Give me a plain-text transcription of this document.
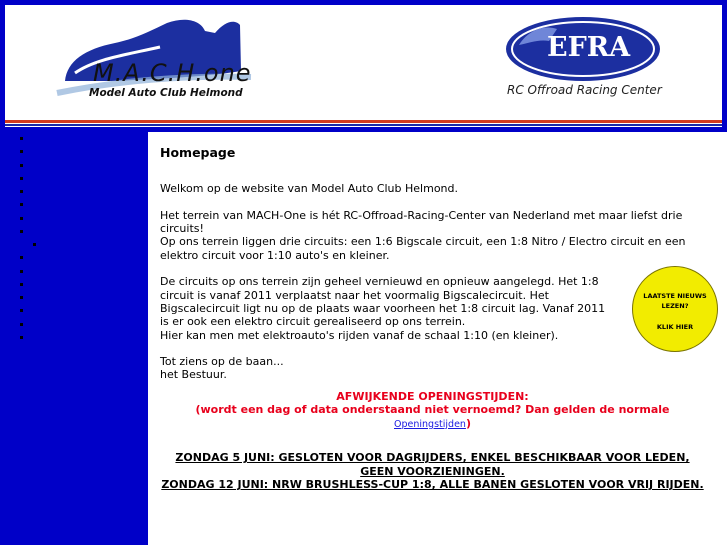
M.A.C.H.one
Model Auto Club Helmond
EFRA
RC Offroad Racing Center
Homepage

Welkom op de website van Model Auto Club Helmond.

Het terrein van MACH-One is hét RC-Offroad-Racing-Center van Nederland met maar liefst drie circuits!

Op ons terrein liggen drie circuits: een 1:6 Bigscale circuit, een 1:8 Nitro / Electro circuit en een elektro circuit voor 1:10 auto's en kleiner.

De circuits op ons terrein zijn geheel vernieuwd en opnieuw aangelegd. Het 1:8 circuit is vanaf 2011 verplaatst naar het voormalig Bigscalecircuit. Het Bigscalecircuit ligt nu op de plaats waar voorheen het 1:8 circuit lag. Vanaf 2011 is er ook een elektro circuit gerealiseerd op ons terrein.

Hier kan men met elektroauto's rijden vanaf de schaal 1:10 (en kleiner).

Tot ziens op de baan...

het Bestuur.

AFWIJKENDE OPENINGSTIJDEN:
(wordt een dag of data onderstaand niet vernoemd? Dan gelden de normale Openingstijden)
ZONDAG 5 JUNI: GESLOTEN VOOR DAGRIJDERS, ENKEL BESCHIKBAAR VOOR LEDEN, GEEN VOORZIENINGEN.
ZONDAG 12 JUNI: NRW BRUSHLESS-CUP 1:8, ALLE BANEN GESLOTEN VOOR VRIJ RIJDEN.
LAATSTE NIEUWS LEZEN?
KLIK HIER
